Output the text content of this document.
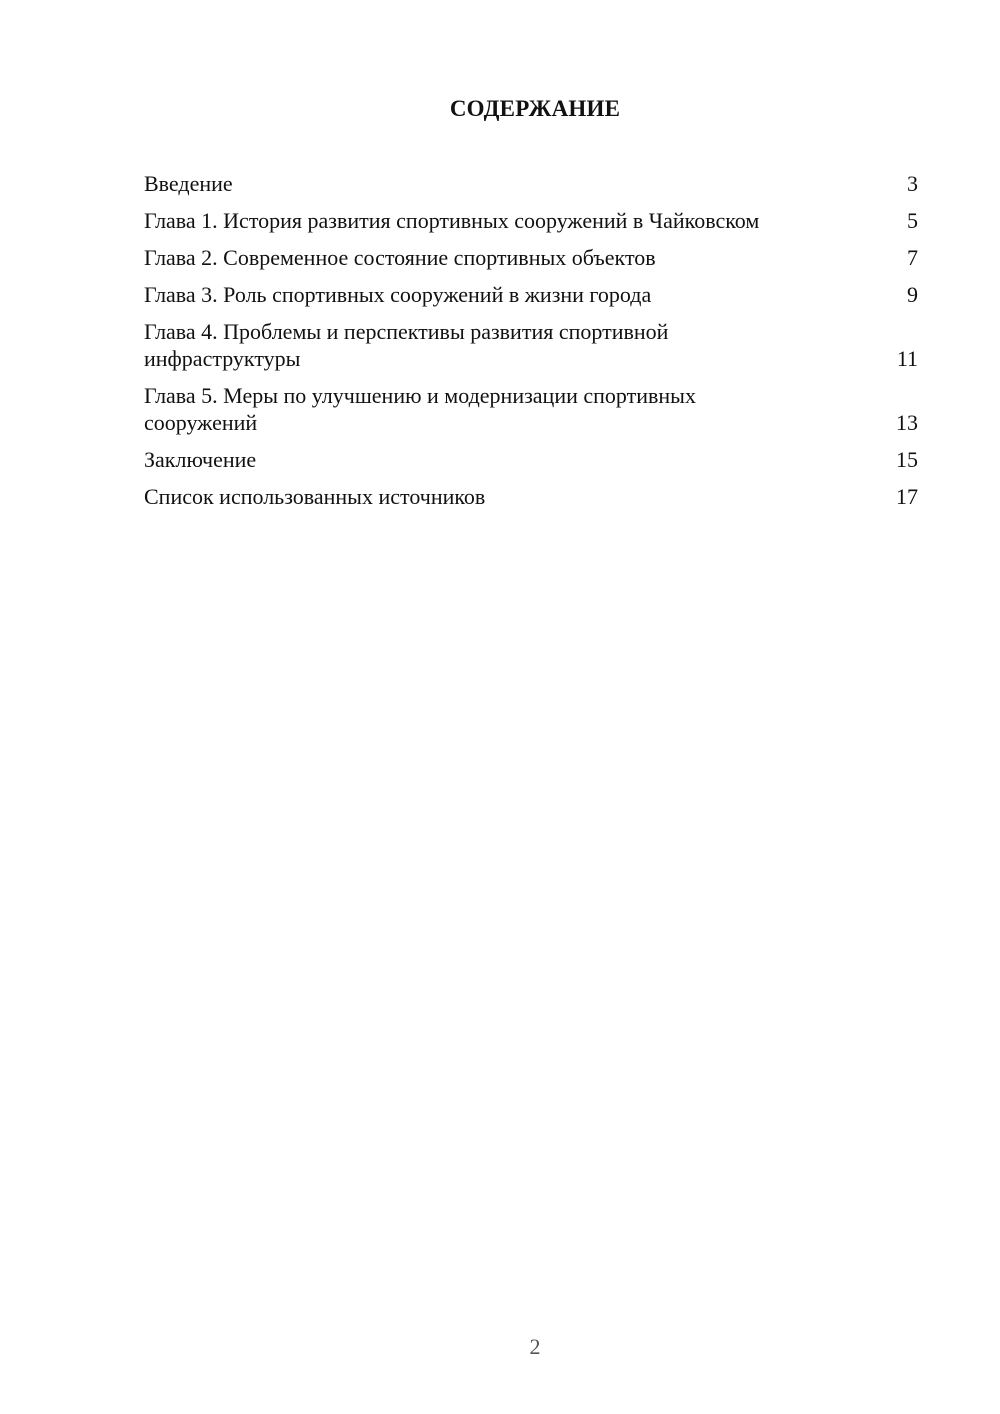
СОДЕРЖАНИЕ
Введение	3
Глава 1. История развития спортивных сооружений в Чайковском	5
Глава 2. Современное состояние спортивных объектов	7
Глава 3. Роль спортивных сооружений в жизни города	9
Глава 4. Проблемы и перспективы развития спортивной инфраструктуры	11
Глава 5. Меры по улучшению и модернизации спортивных сооружений	13
Заключение	15
Список использованных источников	17
2
